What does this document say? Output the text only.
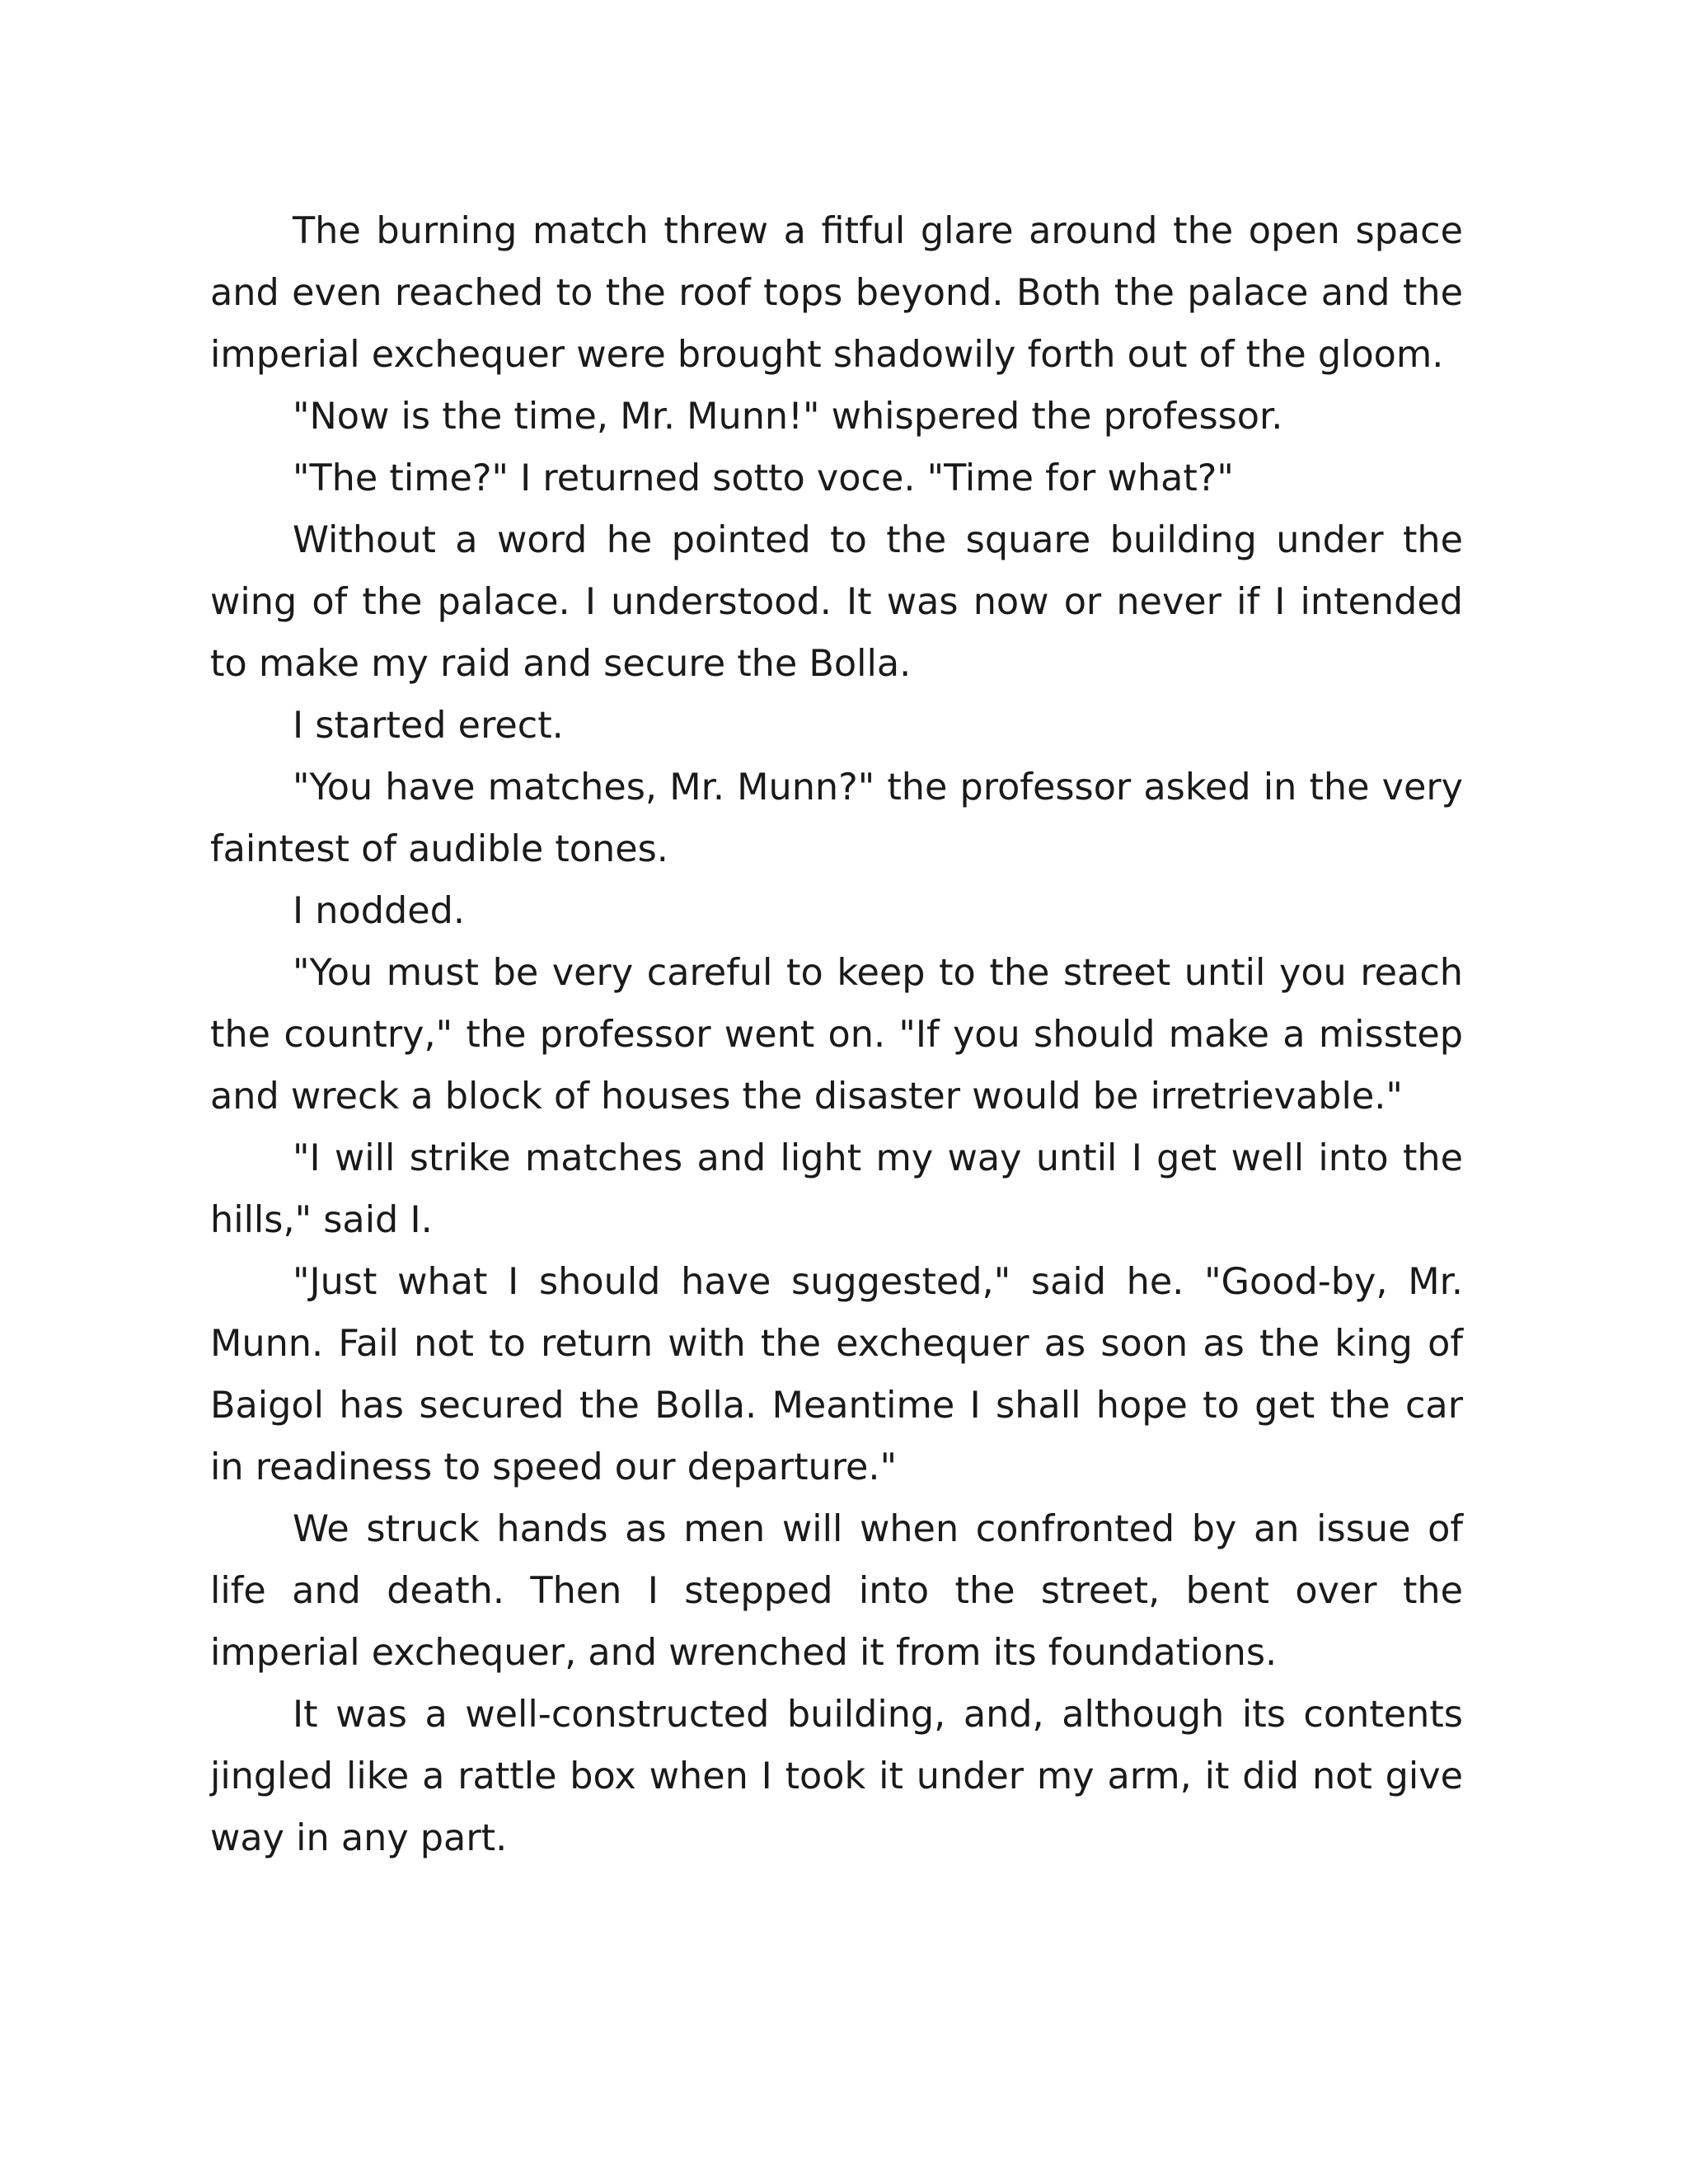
The burning match threw a fitful glare around the open space and even reached to the roof tops beyond. Both the palace and the imperial exchequer were brought shadowily forth out of the gloom.

"Now is the time, Mr. Munn!" whispered the professor.

"The time?" I returned sotto voce. "Time for what?"

Without a word he pointed to the square building under the wing of the palace. I understood. It was now or never if I intended to make my raid and secure the Bolla.

I started erect.

"You have matches, Mr. Munn?" the professor asked in the very faintest of audible tones.

I nodded.

"You must be very careful to keep to the street until you reach the country," the professor went on. "If you should make a misstep and wreck a block of houses the disaster would be irretrievable."

"I will strike matches and light my way until I get well into the hills," said I.

"Just what I should have suggested," said he. "Good-by, Mr. Munn. Fail not to return with the exchequer as soon as the king of Baigol has secured the Bolla. Meantime I shall hope to get the car in readiness to speed our departure."

We struck hands as men will when confronted by an issue of life and death. Then I stepped into the street, bent over the imperial exchequer, and wrenched it from its foundations.

It was a well-constructed building, and, although its contents jingled like a rattle box when I took it under my arm, it did not give way in any part.
